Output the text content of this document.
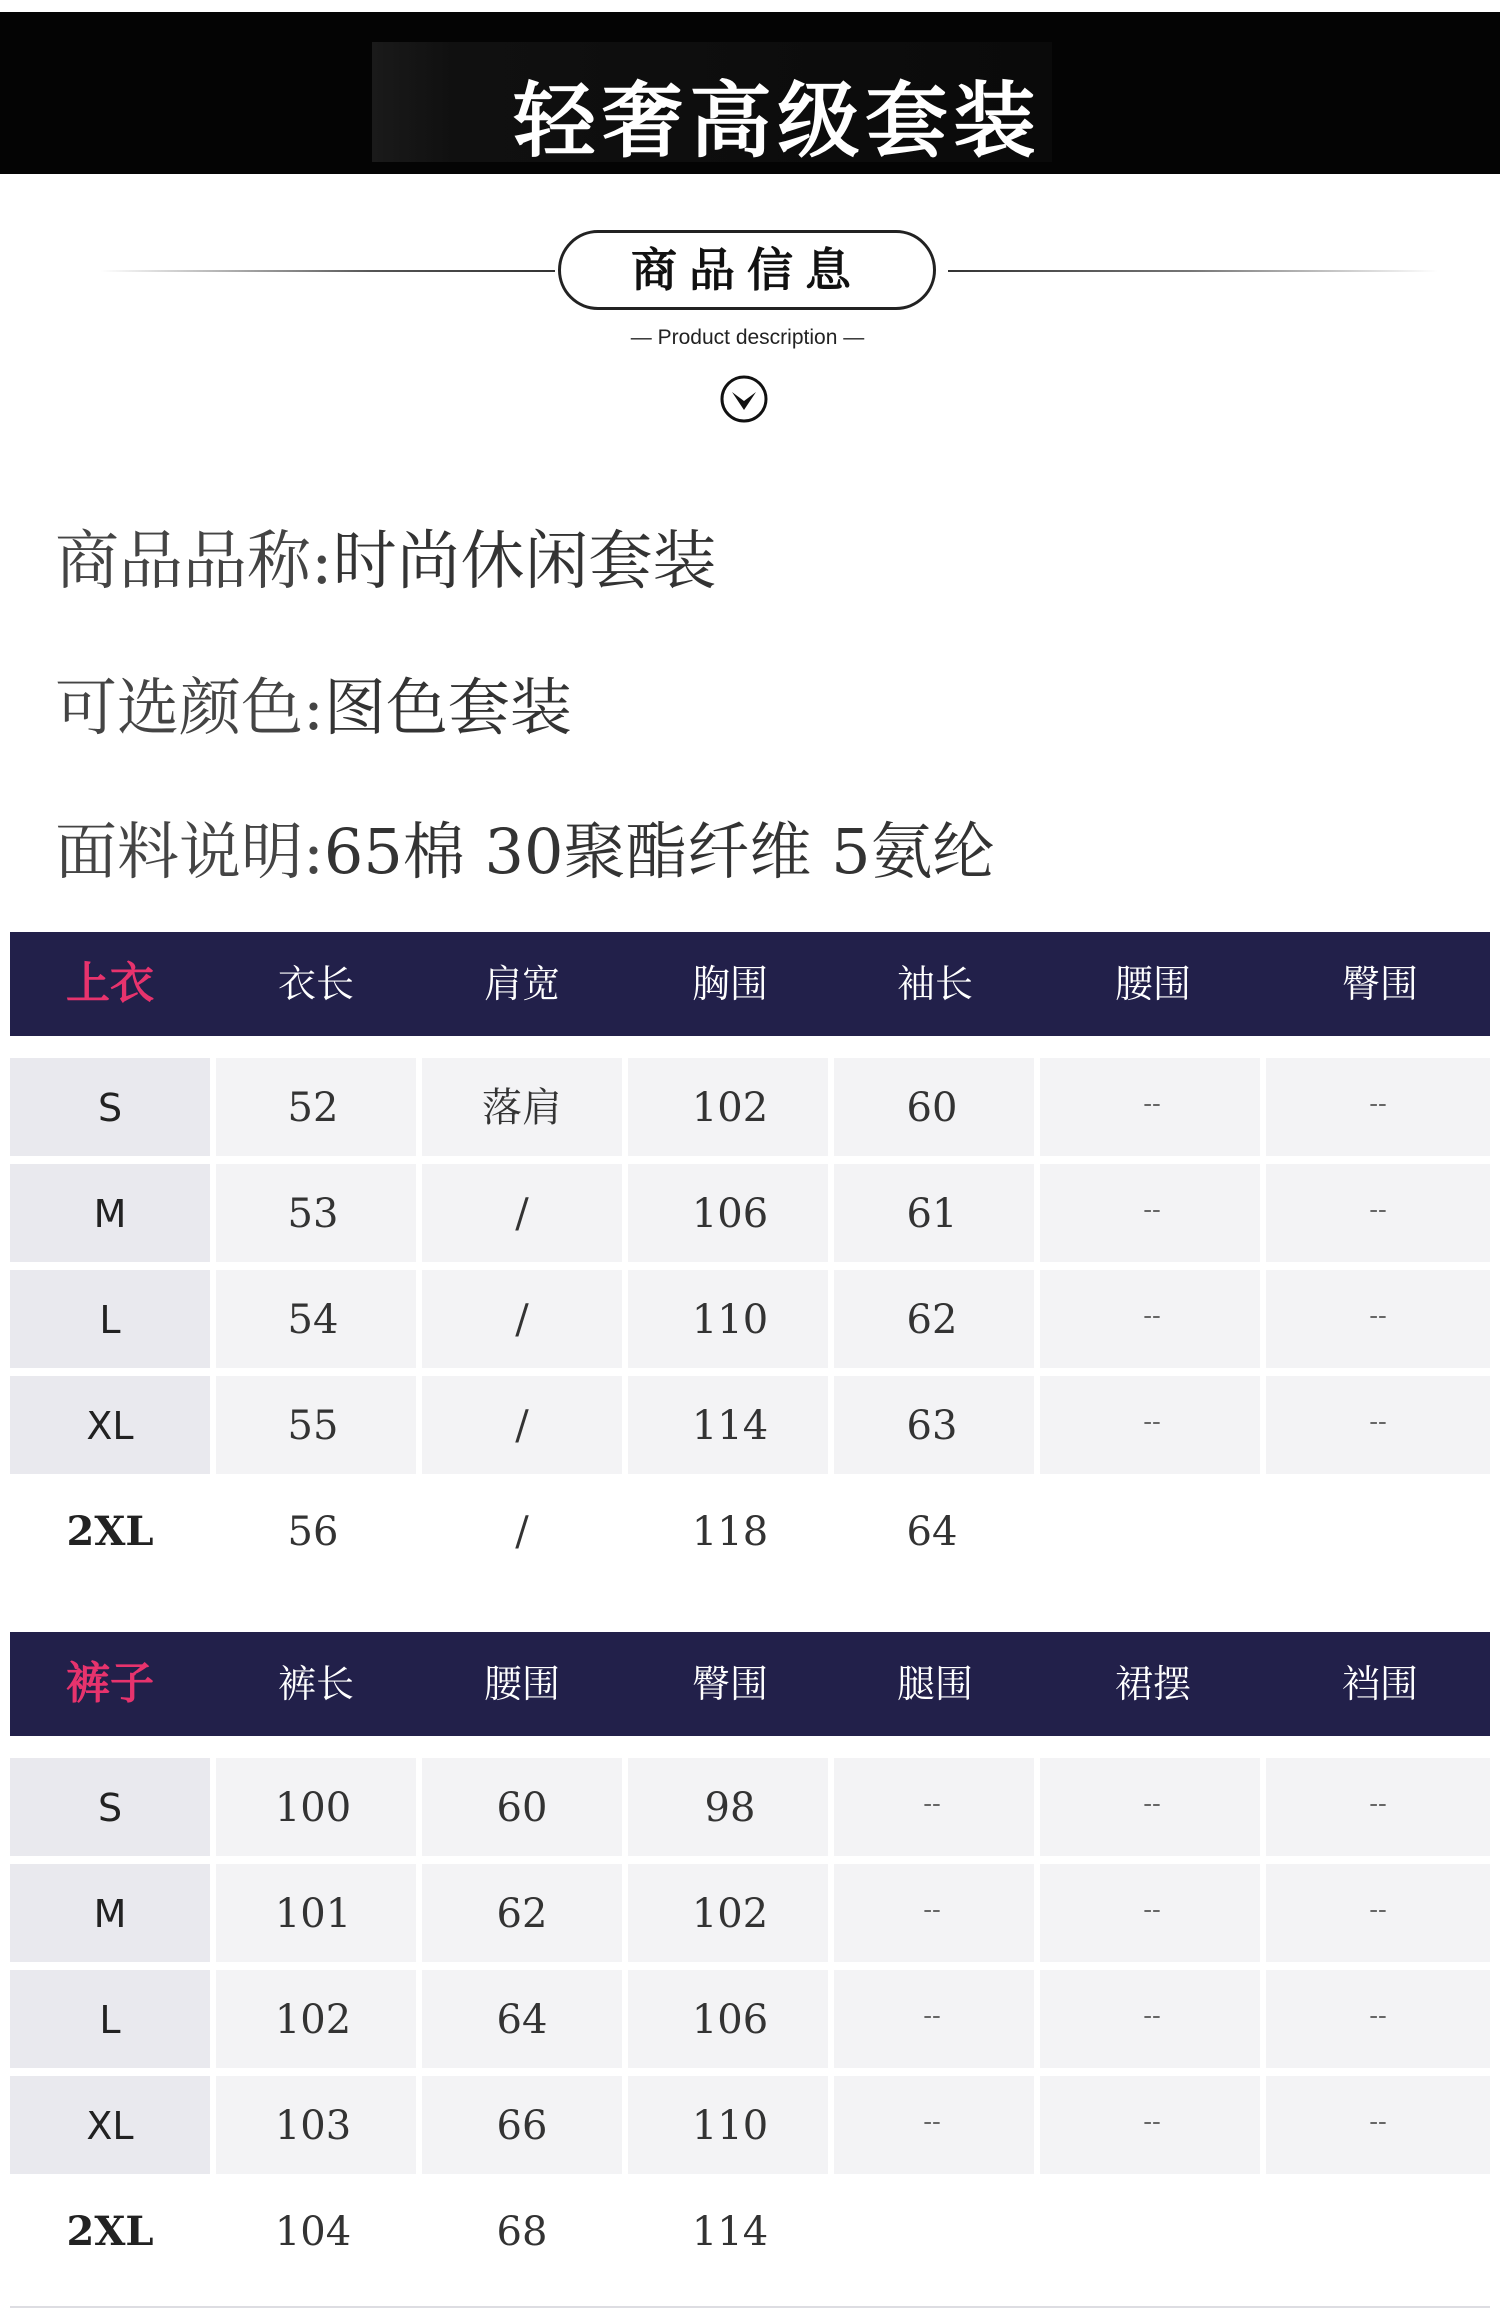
轻奢高级套装
商品信息
— Product description —
商品品称:时尚休闲套装
可选颜色:图色套装
面料说明:65棉 30聚酯纤维 5氨纶
上衣	衣长	肩宽	胸围	袖长	腰围	臀围
S	52	落肩	102	60	--	--
M	53	/	106	61	--	--
L	54	/	110	62	--	--
XL	55	/	114	63	--	--
2XL	56	/	118	64
裤子	裤长	腰围	臀围	腿围	裙摆	裆围
S	100	60	98	--	--	--
M	101	62	102	--	--	--
L	102	64	106	--	--	--
XL	103	66	110	--	--	--
2XL	104	68	114
